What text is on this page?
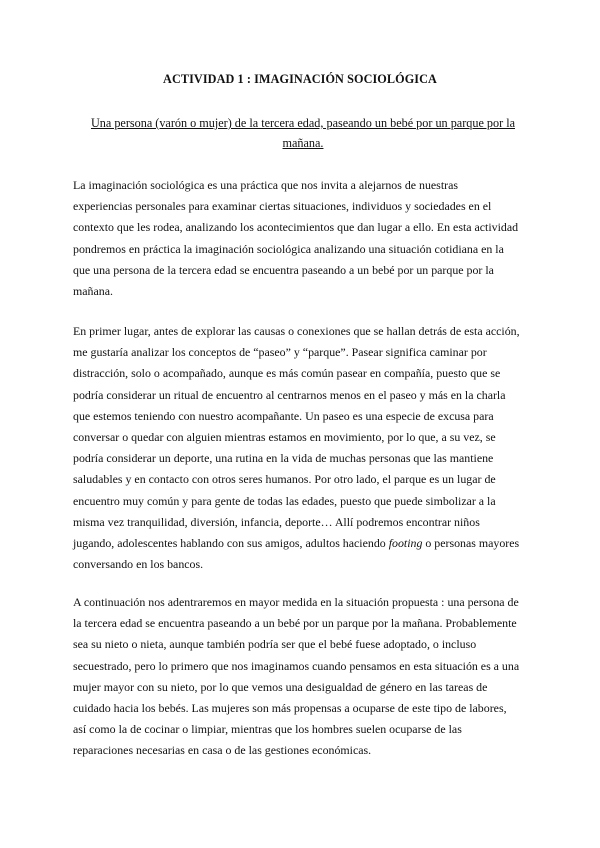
ACTIVIDAD 1 : IMAGINACIÓN SOCIOLÓGICA
Una persona (varón o mujer) de la tercera edad, paseando un bebé por un parque por la
mañana.

La imaginación sociológica es una práctica que nos invita a alejarnos de nuestras
experiencias personales para examinar ciertas situaciones, individuos y sociedades en el
contexto que les rodea, analizando los acontecimientos que dan lugar a ello. En esta actividad
pondremos en práctica la imaginación sociológica analizando una situación cotidiana en la
que una persona de la tercera edad se encuentra paseando a un bebé por un parque por la
mañana.

En primer lugar, antes de explorar las causas o conexiones que se hallan detrás de esta acción,
me gustaría analizar los conceptos de “paseo” y “parque”. Pasear significa caminar por
distracción, solo o acompañado, aunque es más común pasear en compañía, puesto que se
podría considerar un ritual de encuentro al centrarnos menos en el paseo y más en la charla
que estemos teniendo con nuestro acompañante. Un paseo es una especie de excusa para
conversar o quedar con alguien mientras estamos en movimiento, por lo que, a su vez, se
podría considerar un deporte, una rutina en la vida de muchas personas que las mantiene
saludables y en contacto con otros seres humanos. Por otro lado, el parque es un lugar de
encuentro muy común y para gente de todas las edades, puesto que puede simbolizar a la
misma vez tranquilidad, diversión, infancia, deporte… Allí podremos encontrar niños
jugando, adolescentes hablando con sus amigos, adultos haciendo footing o personas mayores
conversando en los bancos.

A continuación nos adentraremos en mayor medida en la situación propuesta : una persona de
la tercera edad se encuentra paseando a un bebé por un parque por la mañana. Probablemente
sea su nieto o nieta, aunque también podría ser que el bebé fuese adoptado, o incluso
secuestrado, pero lo primero que nos imaginamos cuando pensamos en esta situación es a una
mujer mayor con su nieto, por lo que vemos una desigualdad de género en las tareas de
cuidado hacia los bebés. Las mujeres son más propensas a ocuparse de este tipo de labores,
así como la de cocinar o limpiar, mientras que los hombres suelen ocuparse de las
reparaciones necesarias en casa o de las gestiones económicas.
